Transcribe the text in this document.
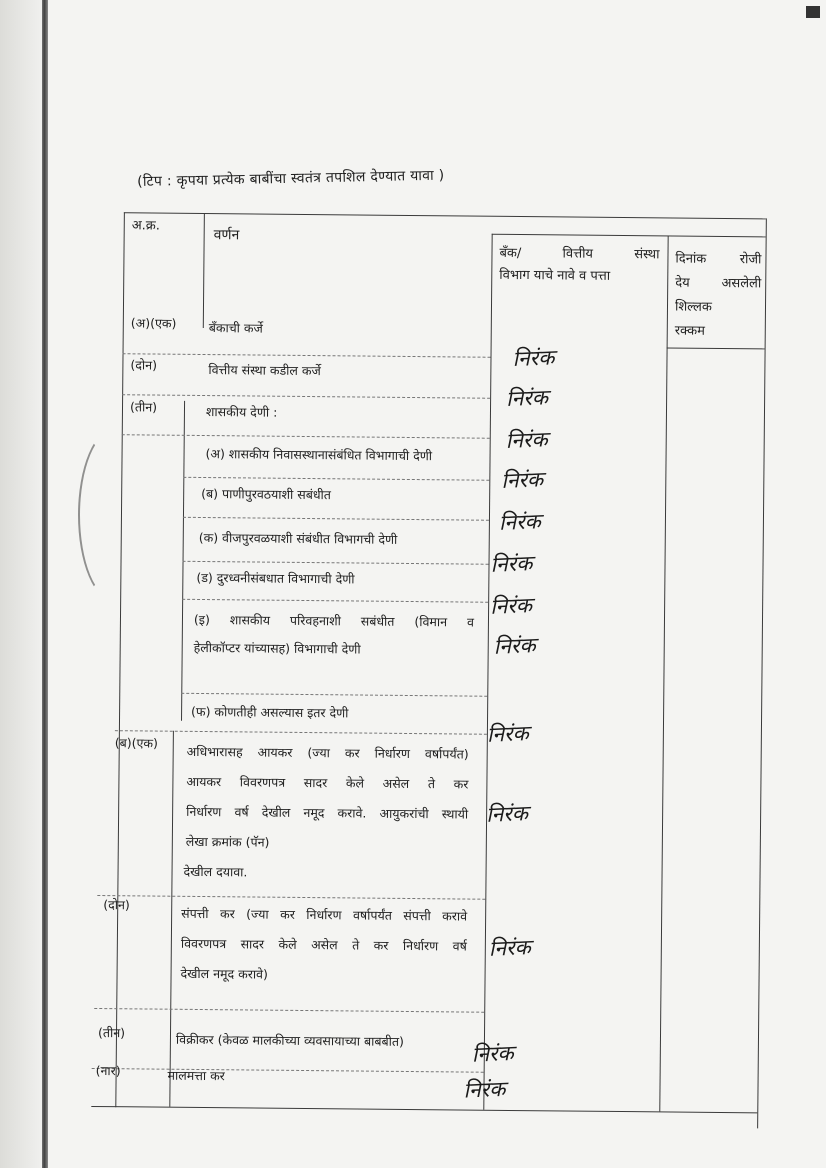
(टिप : कृपया प्रत्येक बाबींचा स्वतंत्र तपशिल देण्यात यावा )
अ.क्र.
वर्णन
बँक/ वित्तीय संस्था
विभाग याचे नावे व पत्ता
दिनांक रोजी
देय असलेली
शिल्लक
रक्कम
(अ)(एक)
(दोन)
(तीन)
(ब)(एक)
(दोन)
(तीन)
(नार)
बँकाची कर्जे
वित्तीय संस्था कडील कर्जे
शासकीय देणी :
(अ) शासकीय निवासस्थानासंबंधित विभागाची देणी
(ब) पाणीपुरवठयाशी सबंधीत
(क) वीजपुरवळयाशी संबंधीत विभागची देणी
(ड) दुरध्वनीसंबधात विभागाची देणी
(इ) शासकीय परिवहनाशी सबंधीत (विमान व
हेलीकॉप्टर यांच्यासह) विभागाची देणी
(फ) कोणतीही असल्यास इतर देणी
अधिभारासह आयकर (ज्या कर निर्धारण वर्षापर्यंत)
आयकर विवरणपत्र सादर केले असेल ते कर
निर्धारण वर्ष देखील नमूद करावे. आयुकरांची स्थायी
लेखा क्रमांक (पॅन)
देखील दयावा.
संपत्ती कर (ज्या कर निर्धारण वर्षापर्यंत संपत्ती करावे
विवरणपत्र सादर केले असेल ते कर निर्धारण वर्ष
देखील नमूद करावे)
विक्रीकर (केवळ मालकीच्या व्यवसायाच्या बाबबीत)
मालमत्ता कर
निरंक
निरंक
निरंक
निरंक
निरंक
निरंक
निरंक
निरंक
निरंक
निरंक
निरंक
निरंक
निरंक
